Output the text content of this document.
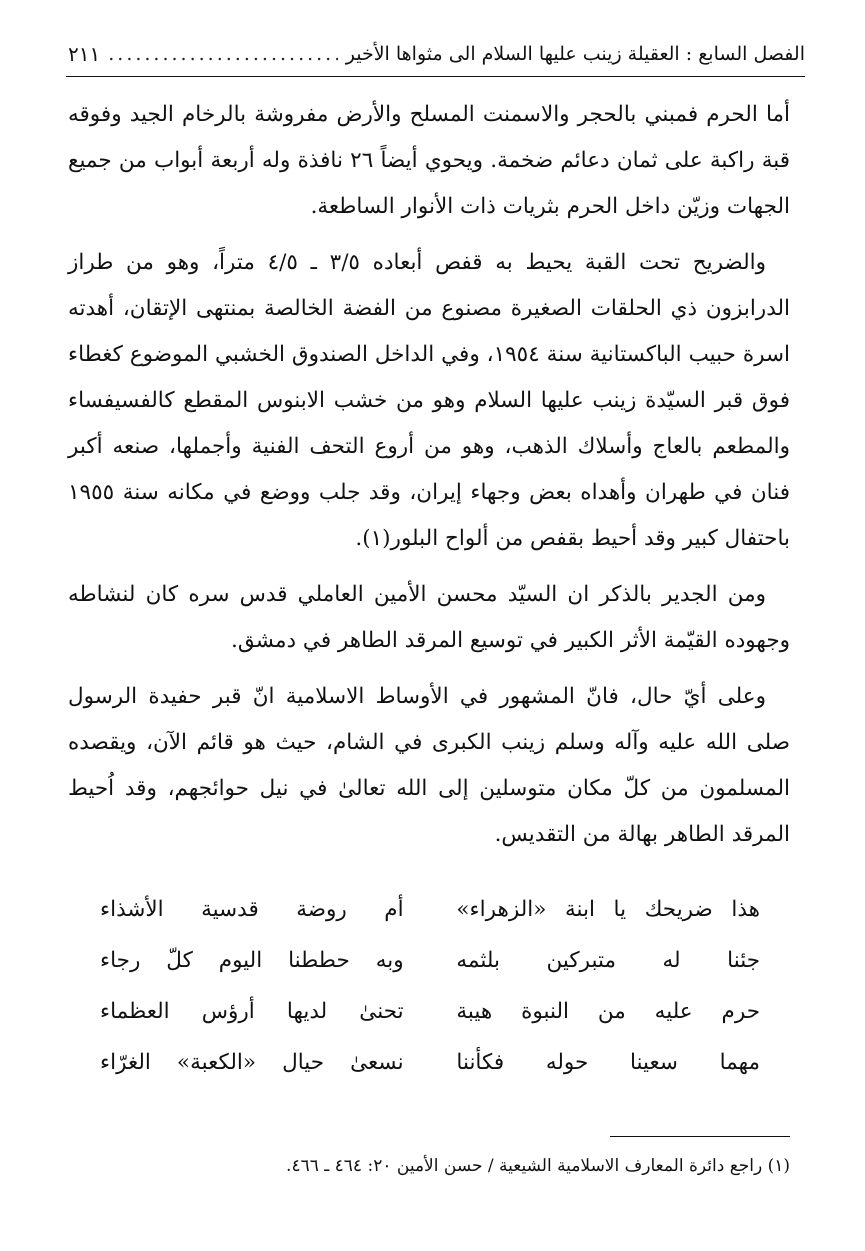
الفصل السابع : العقيلة زينب عليها السلام الى مثواها الأخير
.....
٢١١

أما الحرم فمبني بالحجر والاسمنت المسلح والأرض مفروشة بالرخام الجيد وفوقه قبة راكبة على ثمان دعائم ضخمة. ويحوي أيضاً ٢٦ نافذة وله أربعة أبواب من جميع الجهات وزيّن داخل الحرم بثريات ذات الأنوار الساطعة.

والضريح تحت القبة يحيط به قفص أبعاده ٣/٥ ـ ٤/٥ متراً، وهو من طراز الدرابزون ذي الحلقات الصغيرة مصنوع من الفضة الخالصة بمنتهى الإتقان، أهدته اسرة حبيب الباكستانية سنة ١٩٥٤، وفي الداخل الصندوق الخشبي الموضوع كغطاء فوق قبر السيّدة زينب عليها السلام وهو من خشب الابنوس المقطع كالفسيفساء والمطعم بالعاج وأسلاك الذهب، وهو من أروع التحف الفنية وأجملها، صنعه أكبر فنان في طهران وأهداه بعض وجهاء إيران، وقد جلب ووضع في مكانه سنة ١٩٥٥ باحتفال كبير وقد أحيط بقفص من ألواح البلور(١).

ومن الجدير بالذكر ان السيّد محسن الأمين العاملي قدس سره كان لنشاطه وجهوده القيّمة الأثر الكبير في توسيع المرقد الطاهر في دمشق.

وعلى أيّ حال، فانّ المشهور في الأوساط الاسلامية انّ قبر حفيدة الرسول صلى الله عليه وآله وسلم زينب الكبرى في الشام، حيث هو قائم الآن، ويقصده المسلمون من كلّ مكان متوسلين إلى الله تعالىٰ في نيل حوائجهم، وقد اُحيط المرقد الطاهر بهالة من التقديس.

هذا ضريحك يا ابنة «الزهراء»
أم روضة قدسية الأشذاء
جئنا له متبركين بلثمه
وبه حططنا اليوم كلّ رجاء
حرم عليه من النبوة هيبة
تحنىٰ لديها أرؤس العظماء
مهما سعينا حوله فكأننا
نسعىٰ حيال «الكعبة» الغرّاء
(١) راجع دائرة المعارف الاسلامية الشيعية / حسن الأمين ٢٠: ٤٦٤ ـ ٤٦٦.
